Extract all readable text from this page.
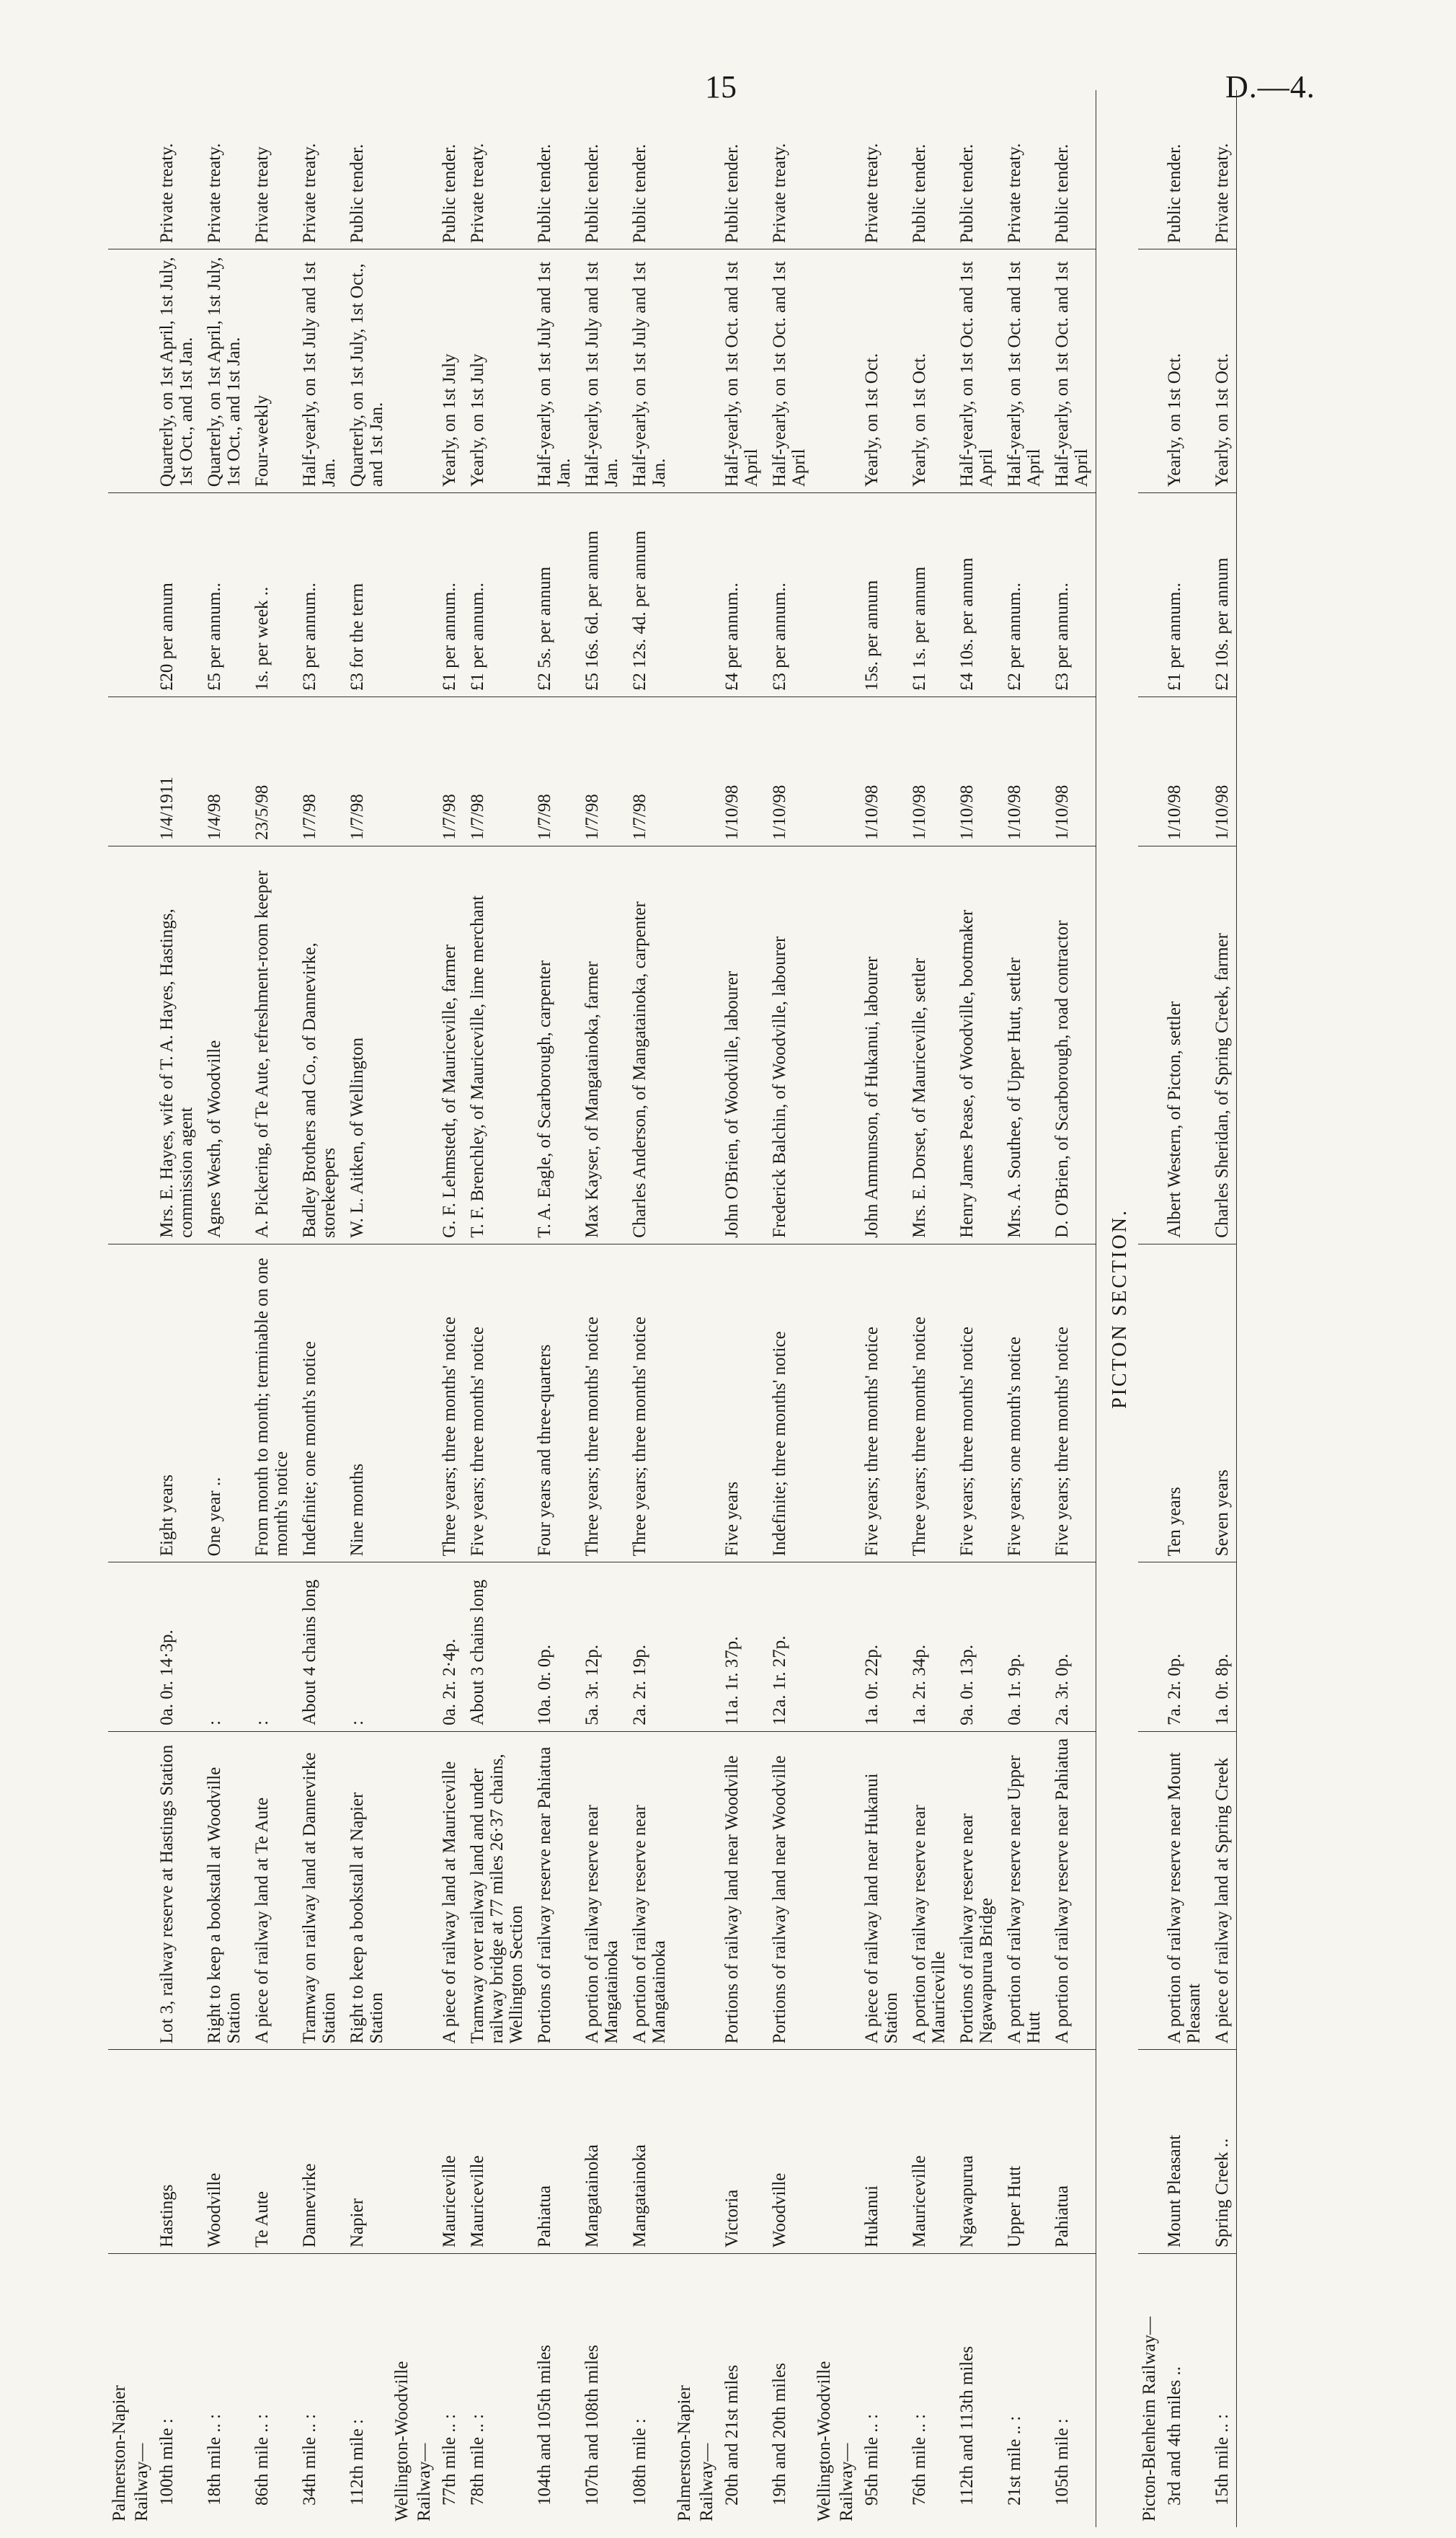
15	D.—4.
Palmerston-Napier									
Railway—									
100th mile :	Hastings	Lot 3, railway reserve at Hastings Station	0a. 0r. 14·3p.	Eight years	Mrs. E. Hayes, wife of T. A. Hayes, Hastings, commission agent	1/4/1911	£20 per annum	Quarterly, on 1st April, 1st July, 1st Oct., and 1st Jan.	Private treaty.
18th mile .. :	Woodville	Right to keep a bookstall at Woodville Station	:	One year ..	Agnes Westh, of Woodville	1/4/98	£5 per annum..	Quarterly, on 1st April, 1st July, 1st Oct., and 1st Jan.	Private treaty.
86th mile .. :	Te Aute	A piece of railway land at Te Aute	:	From month to month; terminable on one month's notice	A. Pickering, of Te Aute, refreshment-room keeper	23/5/98	1s. per week ..	Four-weekly	Private treaty
34th mile .. :	Dannevirke	Tramway on railway land at Dannevirke Station	About 4 chains long	Indefinite; one month's notice	Badley Brothers and Co., of Dannevirke, storekeepers	1/7/98	£3 per annum..	Half-yearly, on 1st July and 1st Jan.	Private treaty.
112th mile :	Napier	Right to keep a bookstall at Napier Station	:	Nine months	W. L. Aitken, of Wellington	1/7/98	£3 for the term	Quarterly, on 1st July, 1st Oct., and 1st Jan.	Public tender.
Wellington-Woodville									
Railway—									
77th mile .. :	Mauriceville	A piece of railway land at Mauriceville	0a. 2r. 2·4p.	Three years; three months' notice	G. F. Lehmstedt, of Mauriceville, farmer	1/7/98	£1 per annum..	Yearly, on 1st July	Public tender.
78th mile .. :	Mauriceville	Tramway over railway land and under railway bridge at 77 miles 26·37 chains, Wellington Section	About 3 chains long	Five years; three months' notice	T. F. Brenchley, of Mauriceville, lime merchant	1/7/98	£1 per annum..	Yearly, on 1st July	Private treaty.
104th and 105th miles	Pahiatua	Portions of railway reserve near Pahiatua	10a. 0r. 0p.	Four years and three-quarters	T. A. Eagle, of Scarborough, carpenter	1/7/98	£2 5s. per annum	Half-yearly, on 1st July and 1st Jan.	Public tender.
107th and 108th miles	Mangatainoka	A portion of railway reserve near Mangatainoka	5a. 3r. 12p.	Three years; three months' notice	Max Kayser, of Mangatainoka, farmer	1/7/98	£5 16s. 6d. per annum	Half-yearly, on 1st July and 1st Jan.	Public tender.
108th mile :	Mangatainoka	A portion of railway reserve near Mangatainoka	2a. 2r. 19p.	Three years; three months' notice	Charles Anderson, of Mangatainoka, carpenter	1/7/98	£2 12s. 4d. per annum	Half-yearly, on 1st July and 1st Jan.	Public tender.
Palmerston-Napier									
Railway—									
20th and 21st miles	Victoria	Portions of railway land near Woodville	11a. 1r. 37p.	Five years	John O'Brien, of Woodville, labourer	1/10/98	£4 per annum..	Half-yearly, on 1st Oct. and 1st April	Public tender.
19th and 20th miles	Woodville	Portions of railway land near Woodville	12a. 1r. 27p.	Indefinite; three months' notice	Frederick Balchin, of Woodville, labourer	1/10/98	£3 per annum..	Half-yearly, on 1st Oct. and 1st April	Private treaty.
Wellington-Woodville									
Railway—									
95th mile .. :	Hukanui	A piece of railway land near Hukanui Station	1a. 0r. 22p.	Five years; three months' notice	John Ammunson, of Hukanui, labourer	1/10/98	15s. per annum	Yearly, on 1st Oct.	Private treaty.
76th mile .. :	Mauriceville	A portion of railway reserve near Mauriceville	1a. 2r. 34p.	Three years; three months' notice	Mrs. E. Dorset, of Mauriceville, settler	1/10/98	£1 1s. per annum	Yearly, on 1st Oct.	Public tender.
112th and 113th miles	Ngawapurua	Portions of railway reserve near Ngawapurua Bridge	9a. 0r. 13p.	Five years; three months' notice	Henry James Pease, of Woodville, bootmaker	1/10/98	£4 10s. per annum	Half-yearly, on 1st Oct. and 1st April	Public tender.
21st mile .. :	Upper Hutt	A portion of railway reserve near Upper Hutt	0a. 1r. 9p.	Five years; one month's notice	Mrs. A. Southee, of Upper Hutt, settler	1/10/98	£2 per annum..	Half-yearly, on 1st Oct. and 1st April	Private treaty.
105th mile :	Pahiatua	A portion of railway reserve near Pahiatua	2a. 3r. 0p.	Five years; three months' notice	D. O'Brien, of Scarborough, road contractor	1/10/98	£3 per annum..	Half-yearly, on 1st Oct. and 1st April	Public tender.
PICTON SECTION.									
Picton-Blenheim Railway—									
3rd and 4th miles ..	Mount Pleasant	A portion of railway reserve near Mount Pleasant	7a. 2r. 0p.	Ten years	Albert Western, of Picton, settler	1/10/98	£1 per annum..	Yearly, on 1st Oct.	Public tender.
15th mile .. :	Spring Creek ..	A piece of railway land at Spring Creek	1a. 0r. 8p.	Seven years	Charles Sheridan, of Spring Creek, farmer	1/10/98	£2 10s. per annum	Yearly, on 1st Oct.	Private treaty.
